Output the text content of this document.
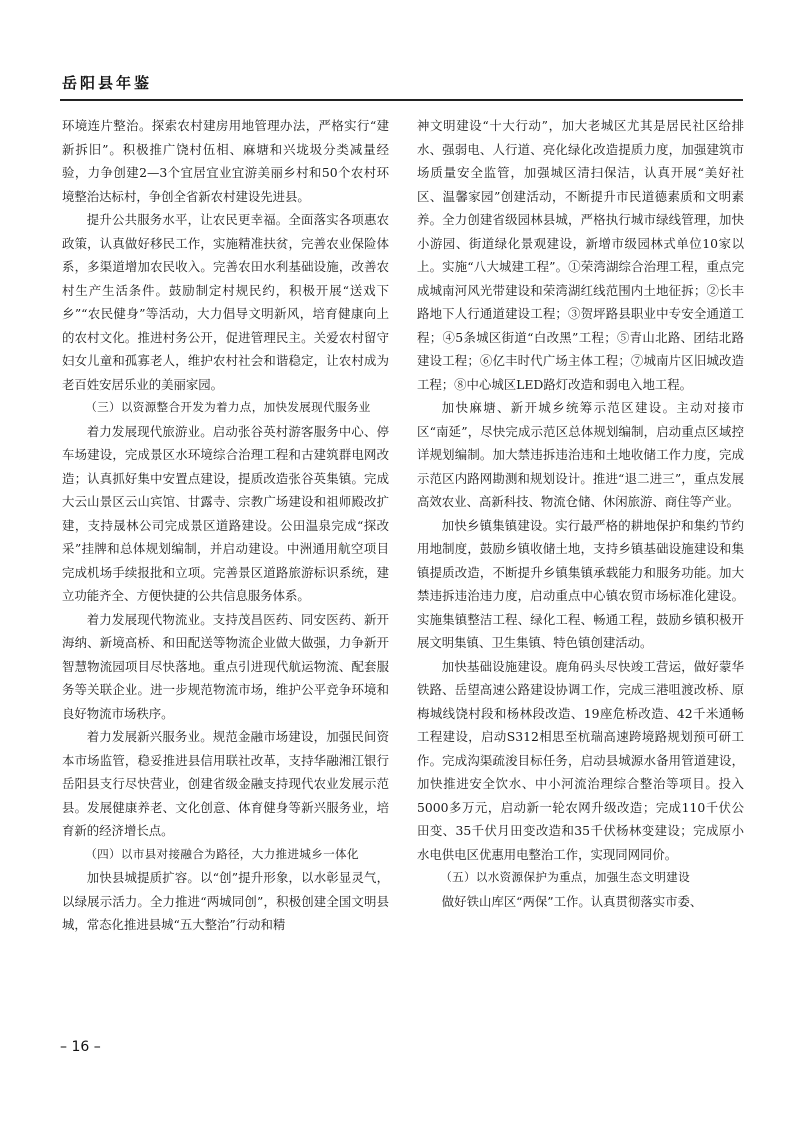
岳阳县年鉴

环境连片整治。探索农村建房用地管理办法，严格实行“建新拆旧”。积极推广饶村伍相、麻塘和兴垅圾分类减量经验，力争创建2—3个宜居宜业宜游美丽乡村和50个农村环境整治达标村，争创全省新农村建设先进县。

提升公共服务水平，让农民更幸福。全面落实各项惠农政策，认真做好移民工作，实施精准扶贫，完善农业保险体系，多渠道增加农民收入。完善农田水利基础设施，改善农村生产生活条件。鼓励制定村规民约，积极开展“送戏下乡”“农民健身”等活动，大力倡导文明新风，培育健康向上的农村文化。推进村务公开，促进管理民主。关爱农村留守妇女儿童和孤寡老人，维护农村社会和谐稳定，让农村成为老百姓安居乐业的美丽家园。

（三）以资源整合开发为着力点，加快发展现代服务业

着力发展现代旅游业。启动张谷英村游客服务中心、停车场建设，完成景区水环境综合治理工程和古建筑群电网改造；认真抓好集中安置点建设，提质改造张谷英集镇。完成大云山景区云山宾馆、甘露寺、宗教广场建设和祖师殿改扩建，支持晟林公司完成景区道路建设。公田温泉完成“探改采”挂牌和总体规划编制，并启动建设。中洲通用航空项目完成机场手续报批和立项。完善景区道路旅游标识系统，建立功能齐全、方便快捷的公共信息服务体系。

着力发展现代物流业。支持茂昌医药、同安医药、新开海纳、新境高桥、和田配送等物流企业做大做强，力争新开智慧物流园项目尽快落地。重点引进现代航运物流、配套服务等关联企业。进一步规范物流市场，维护公平竞争环境和良好物流市场秩序。

着力发展新兴服务业。规范金融市场建设，加强民间资本市场监管，稳妥推进县信用联社改革，支持华融湘江银行岳阳县支行尽快营业，创建省级金融支持现代农业发展示范县。发展健康养老、文化创意、体育健身等新兴服务业，培育新的经济增长点。

（四）以市县对接融合为路径，大力推进城乡一体化

加快县城提质扩容。以“创”提升形象，以水彰显灵气，以绿展示活力。全力推进“两城同创”，积极创建全国文明县城，常态化推进县城“五大整治”行动和精

神文明建设“十大行动”，加大老城区尤其是居民社区给排水、强弱电、人行道、亮化绿化改造提质力度，加强建筑市场质量安全监管，加强城区清扫保洁，认真开展“美好社区、温馨家园”创建活动，不断提升市民道德素质和文明素养。全力创建省级园林县城，严格执行城市绿线管理，加快小游园、街道绿化景观建设，新增市级园林式单位10家以上。实施“八大城建工程”。①荣湾湖综合治理工程，重点完成城南河风光带建设和荣湾湖红线范围内土地征拆；②长丰路地下人行通道建设工程；③贺坪路县职业中专安全通道工程；④5条城区街道“白改黑”工程；⑤青山北路、团结北路建设工程；⑥亿丰时代广场主体工程；⑦城南片区旧城改造工程；⑧中心城区LED路灯改造和弱电入地工程。

加快麻塘、新开城乡统筹示范区建设。主动对接市区“南延”，尽快完成示范区总体规划编制，启动重点区域控详规划编制。加大禁违拆违治违和土地收储工作力度，完成示范区内路网勘测和规划设计。推进“退二进三”，重点发展高效农业、高新科技、物流仓储、休闲旅游、商住等产业。

加快乡镇集镇建设。实行最严格的耕地保护和集约节约用地制度，鼓励乡镇收储土地，支持乡镇基础设施建设和集镇提质改造，不断提升乡镇集镇承载能力和服务功能。加大禁违拆违治违力度，启动重点中心镇农贸市场标准化建设。实施集镇整洁工程、绿化工程、畅通工程，鼓励乡镇积极开展文明集镇、卫生集镇、特色镇创建活动。

加快基础设施建设。鹿角码头尽快竣工营运，做好蒙华铁路、岳望高速公路建设协调工作，完成三港咀渡改桥、原梅城线饶村段和杨林段改造、19座危桥改造、42千米通畅工程建设，启动S312相思至杭瑞高速跨境路规划预可研工作。完成沟渠疏浚目标任务，启动县城源水备用管道建设，加快推进安全饮水、中小河流治理综合整治等项目。投入5000多万元，启动新一轮农网升级改造；完成110千伏公田变、35千伏月田变改造和35千伏杨林变建设；完成原小水电供电区优惠用电整治工作，实现同网同价。

（五）以水资源保护为重点，加强生态文明建设

做好铁山库区“两保”工作。认真贯彻落实市委、

– 16 –
